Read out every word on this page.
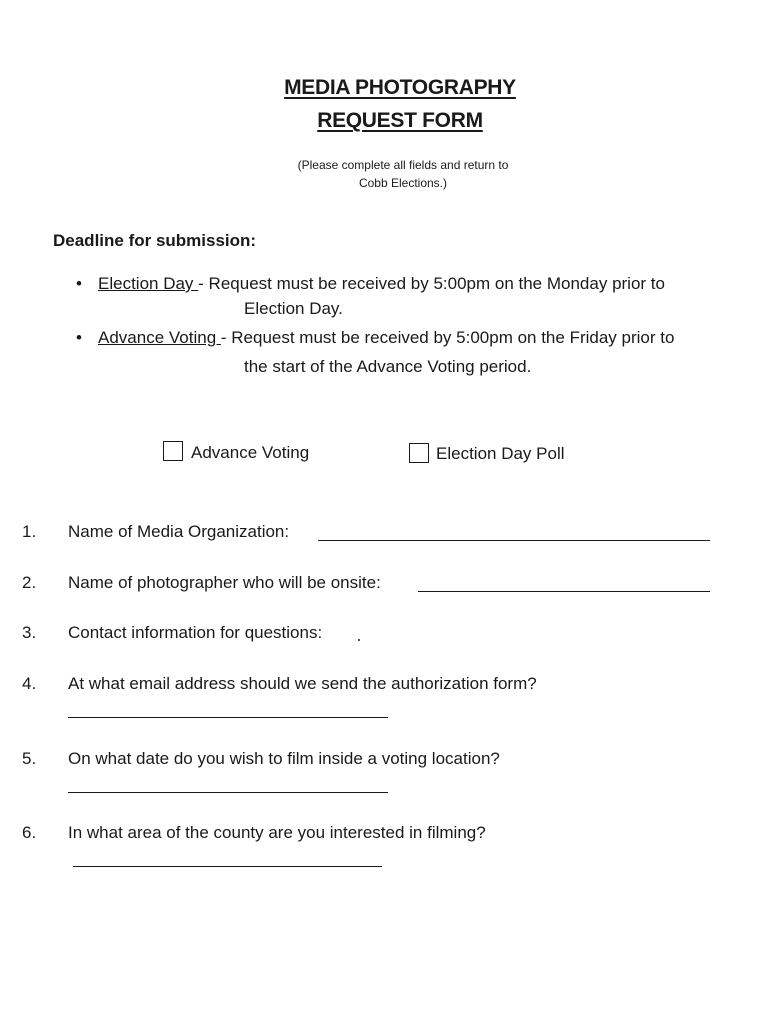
MEDIA PHOTOGRAPHY
REQUEST FORM
(Please complete all fields and return to
Cobb Elections.)
Deadline for submission:
• Election Day - Request must be received by 5:00pm on the Monday prior to
Election Day.
• Advance Voting - Request must be received by 5:00pm on the Friday prior to
the start of the Advance Voting period.
Advance Voting	Election Day Poll
1. Name of Media Organization:
2. Name of photographer who will be onsite:
3. Contact information for questions:
4. At what email address should we send the authorization form?
5. On what date do you wish to film inside a voting location?
6. In what area of the county are you interested in filming?
